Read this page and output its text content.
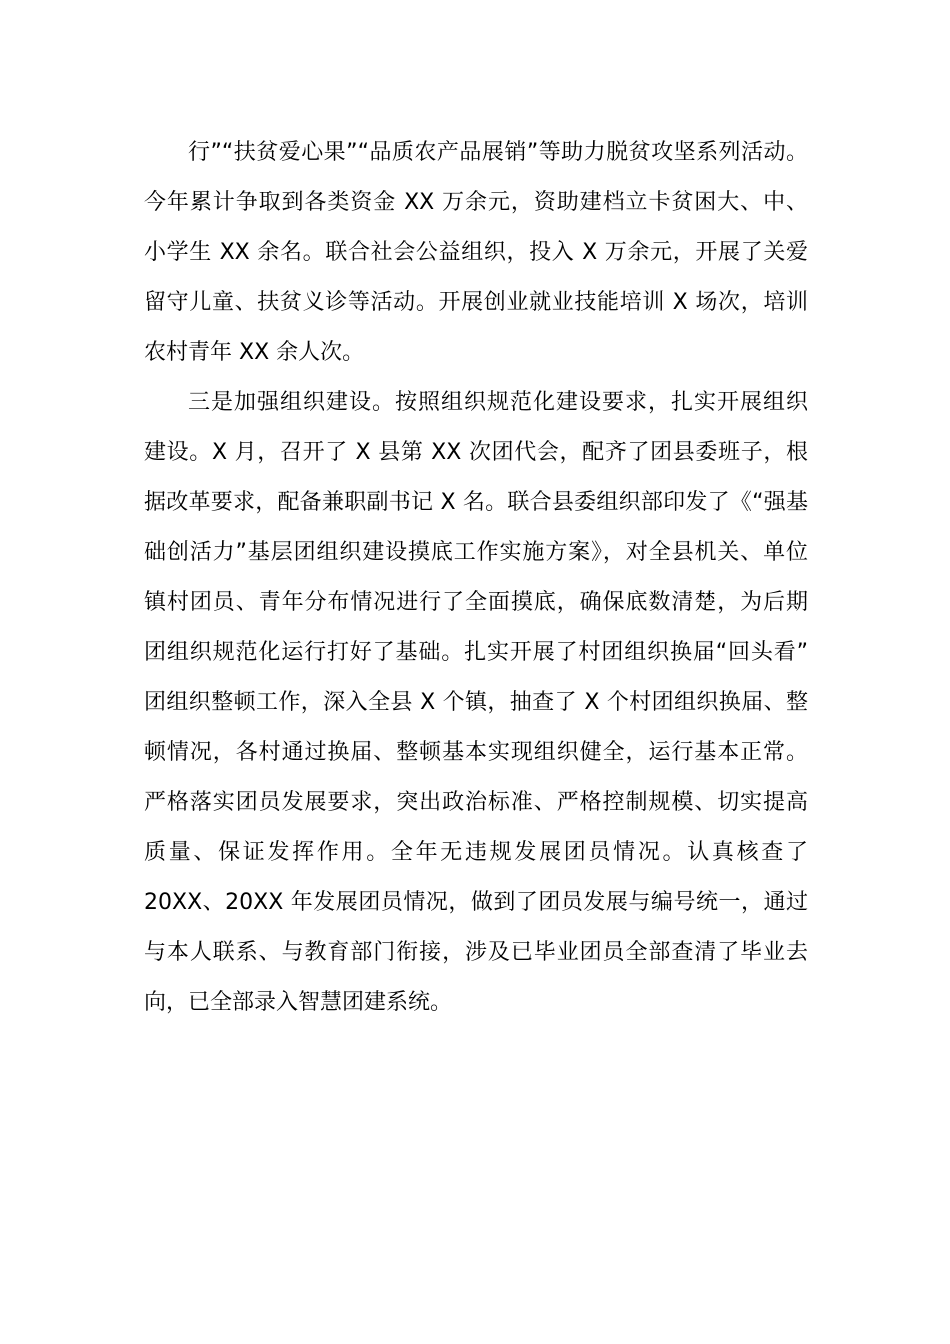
行”“扶贫爱心果”“品质农产品展销”等助力脱贫攻坚系列活动。
今年累计争取到各类资金 XX 万余元，资助建档立卡贫困大、中、
小学生 XX 余名。联合社会公益组织，投入 X 万余元，开展了关爱
留守儿童、扶贫义诊等活动。开展创业就业技能培训 X 场次，培训
农村青年 XX 余人次。
三是加强组织建设。按照组织规范化建设要求，扎实开展组织
建设。X 月，召开了 X 县第 XX 次团代会，配齐了团县委班子，根
据改革要求，配备兼职副书记 X 名。联合县委组织部印发了《“强基
础创活力”基层团组织建设摸底工作实施方案》，对全县机关、单位
镇村团员、青年分布情况进行了全面摸底，确保底数清楚，为后期
团组织规范化运行打好了基础。扎实开展了村团组织换届“回头看”
团组织整顿工作，深入全县 X 个镇，抽查了 X 个村团组织换届、整
顿情况，各村通过换届、整顿基本实现组织健全，运行基本正常。
严格落实团员发展要求，突出政治标准、严格控制规模、切实提高
质量、保证发挥作用。全年无违规发展团员情况。认真核查了
20XX、20XX 年发展团员情况，做到了团员发展与编号统一，通过
与本人联系、与教育部门衔接，涉及已毕业团员全部查清了毕业去
向，已全部录入智慧团建系统。
